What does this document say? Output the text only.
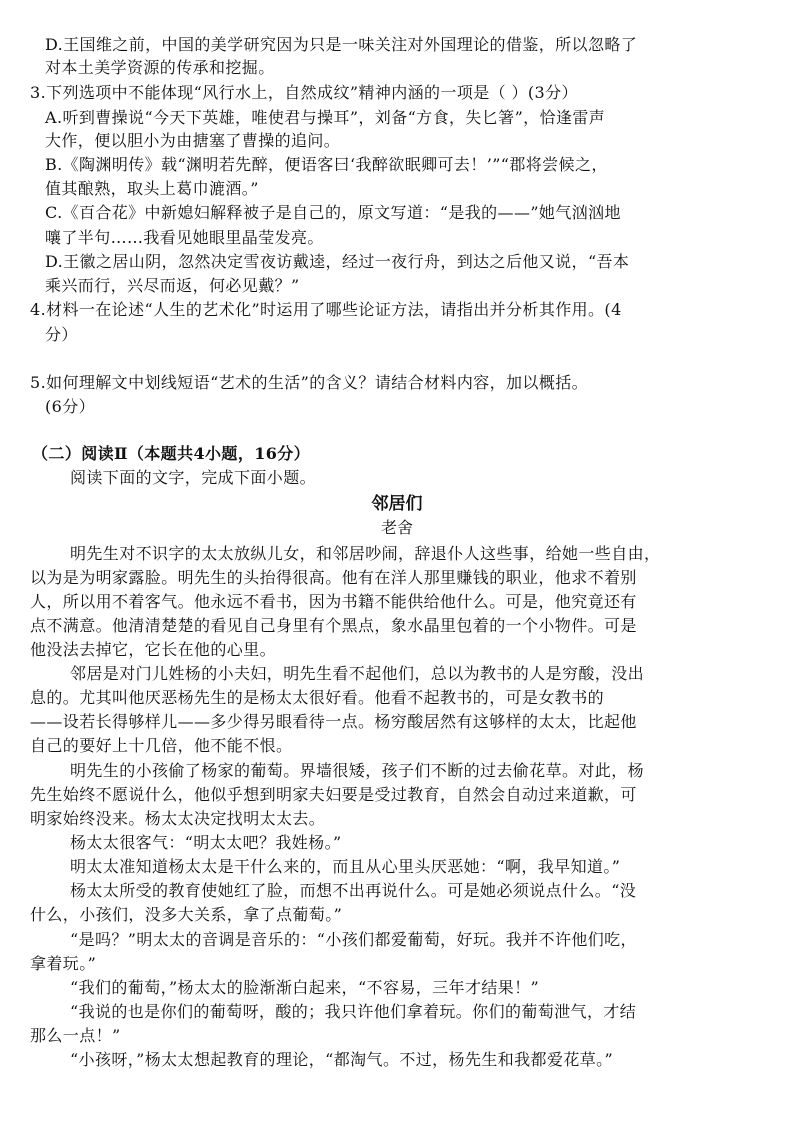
D.王国维之前，中国的美学研究因为只是一味关注对外国理论的借鉴，所以忽略了
对本土美学资源的传承和挖掘。
3.下列选项中不能体现“风行水上，自然成纹”精神内涵的一项是（ ）(3分）
A.听到曹操说“今天下英雄，唯使君与操耳”，刘备“方食，失匕箸”，恰逢雷声
大作，便以胆小为由搪塞了曹操的追问。
B.《陶渊明传》载“渊明若先醉，便语客曰‘我醉欲眠卿可去！’”“郡将尝候之，
值其酿熟，取头上葛巾漉酒。”
C.《百合花》中新媳妇解释被子是自己的，原文写道：“是我的——”她气汹汹地
嚷了半句……我看见她眼里晶莹发亮。
D.王徽之居山阴，忽然决定雪夜访戴逵，经过一夜行舟，到达之后他又说，“吾本
乘兴而行，兴尽而返，何必见戴？”
4.材料一在论述“人生的艺术化”时运用了哪些论证方法，请指出并分析其作用。(4
分）
5.如何理解文中划线短语“艺术的生活”的含义？请结合材料内容，加以概括。
(6分）
（二）阅读Ⅱ（本题共4小题，16分）
阅读下面的文字，完成下面小题。
邻居们
老舍
明先生对不识字的太太放纵儿女，和邻居吵闹，辞退仆人这些事，给她一些自由，
以为是为明家露脸。明先生的头抬得很高。他有在洋人那里赚钱的职业，他求不着别
人，所以用不着客气。他永远不看书，因为书籍不能供给他什么。可是，他究竟还有
点不满意。他清清楚楚的看见自己身里有个黑点，象水晶里包着的一个小物件。可是
他没法去掉它，它长在他的心里。
邻居是对门儿姓杨的小夫妇，明先生看不起他们，总以为教书的人是穷酸，没出
息的。尤其叫他厌恶杨先生的是杨太太很好看。他看不起教书的，可是女教书的
——设若长得够样儿——多少得另眼看待一点。杨穷酸居然有这够样的太太，比起他
自己的要好上十几倍，他不能不恨。
明先生的小孩偷了杨家的葡萄。界墙很矮，孩子们不断的过去偷花草。对此，杨
先生始终不愿说什么，他似乎想到明家夫妇要是受过教育，自然会自动过来道歉，可
明家始终没来。杨太太决定找明太太去。
杨太太很客气：“明太太吧？我姓杨。”
明太太准知道杨太太是干什么来的，而且从心里头厌恶她：“啊，我早知道。”
杨太太所受的教育使她红了脸，而想不出再说什么。可是她必须说点什么。“没
什么，小孩们，没多大关系，拿了点葡萄。”
“是吗？”明太太的音调是音乐的：“小孩们都爱葡萄，好玩。我并不许他们吃，
拿着玩。”
“我们的葡萄，”杨太太的脸渐渐白起来，“不容易，三年才结果！”
“我说的也是你们的葡萄呀，酸的；我只许他们拿着玩。你们的葡萄泄气，才结
那么一点！”
“小孩呀，”杨太太想起教育的理论，“都淘气。不过，杨先生和我都爱花草。”
